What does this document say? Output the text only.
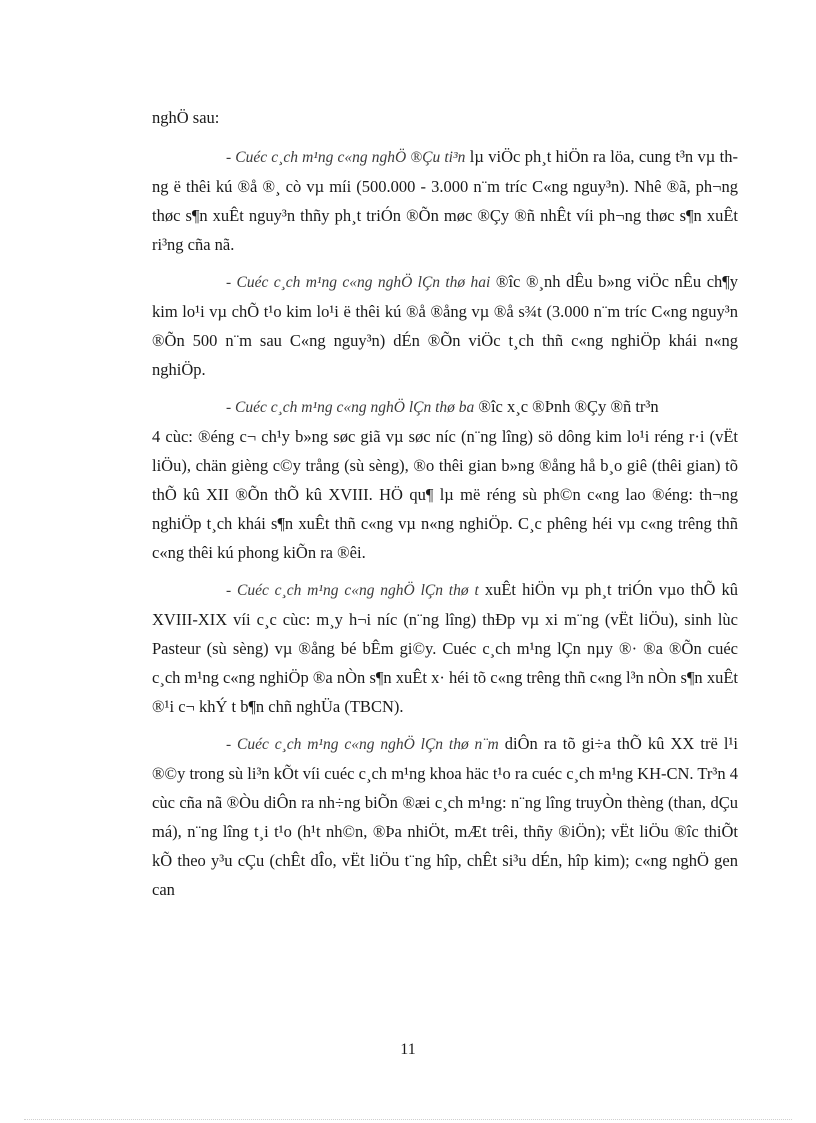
nghÖ sau:

- Cuéc c¸ch m¹ng c«ng nghÖ ®Çu ti³n lµ viÖc ph¸t hiÖn ra löa, cung t³n vµ thng ë thêi kú ®å ®¸ cò vµ míi (500.000 - 3.000 n¨m tríc C«ng nguy³n). Nhê ®ã, ph¬ng thøc s¶n xuÊt nguy³n thñy ph¸t triÓn ®Õn møc ®Çy ®ñ nhÊt víi ph¬ng thøc s¶n xuÊt ri³ng cña nã.

- Cuéc c¸ch m¹ng c«ng nghÖ lÇn thø hai ®îc ®¸nh dÊu b»ng viÖc nÊu ch¶y kim lo¹i vµ chÕ t¹o kim lo¹i ë thêi kú ®å ®ång vµ ®å s¾t (3.000 n¨m tríc C«ng nguy³n ®Õn 500 n¨m sau C«ng nguy³n) dÉn ®Õn viÖc t¸ch thñ c«ng nghiÖp khái n«ng nghiÖp.

- Cuéc c¸ch m¹ng c«ng nghÖ lÇn thø ba ®îc x¸c ®Þnh ®Çy ®ñ tr³n

4 cùc: ®éng c¬ ch¹y b»ng søc giã vµ søc níc (n¨ng lîng) sö dông kim lo¹i réng r·i (vËt liÖu), chän gièng c©y trång (sù sèng), ®o thêi gian b»ng ®ång hå b¸o giê (thêi gian) tõ thÕ kû XII ®Õn thÕ kû XVIII. HÖ qu¶ lµ më réng sù ph©n c«ng lao ®éng: th¬ng nghiÖp t¸ch khái s¶n xuÊt thñ c«ng vµ n«ng nghiÖp. C¸c phêng héi vµ c«ng trêng thñ c«ng thêi kú phong kiÕn ra ®êi.

- Cuéc c¸ch m¹ng c«ng nghÖ lÇn thø t xuÊt hiÖn vµ ph¸t triÓn vµo thÕ kû XVIII-XIX víi c¸c cùc: m¸y h¬i níc (n¨ng lîng) thÐp vµ xi m¨ng (vËt liÖu), sinh lùc Pasteur (sù sèng) vµ ®ång bé bÊm gi©y. Cuéc c¸ch m¹ng lÇn nµy ®· ®a ®Õn cuéc c¸ch m¹ng c«ng nghiÖp ®a nÒn s¶n xuÊt x· héi tõ c«ng trêng thñ c«ng l³n nÒn s¶n xuÊt ®¹i c¬ khÝ t b¶n chñ nghÜa (TBCN).

- Cuéc c¸ch m¹ng c«ng nghÖ lÇn thø n¨m diÔn ra tõ gi÷a thÕ kû XX trë l¹i ®©y trong sù li³n kÕt víi cuéc c¸ch m¹ng khoa häc t¹o ra cuéc c¸ch m¹ng KH-CN. Tr³n 4 cùc cña nã ®Òu diÔn ra nh÷ng biÕn ®æi c¸ch m¹ng: n¨ng lîng truyÒn thèng (than, dÇu má), n¨ng lîng t¸i t¹o (h¹t nh©n, ®Þa nhiÖt, mÆt trêi, thñy ®iÖn); vËt liÖu ®îc thiÕt kÕ theo y³u cÇu (chÊt dÎo, vËt liÖu t¨ng hîp, chÊt si³u dÉn, hîp kim); c«ng nghÖ gen can

11
